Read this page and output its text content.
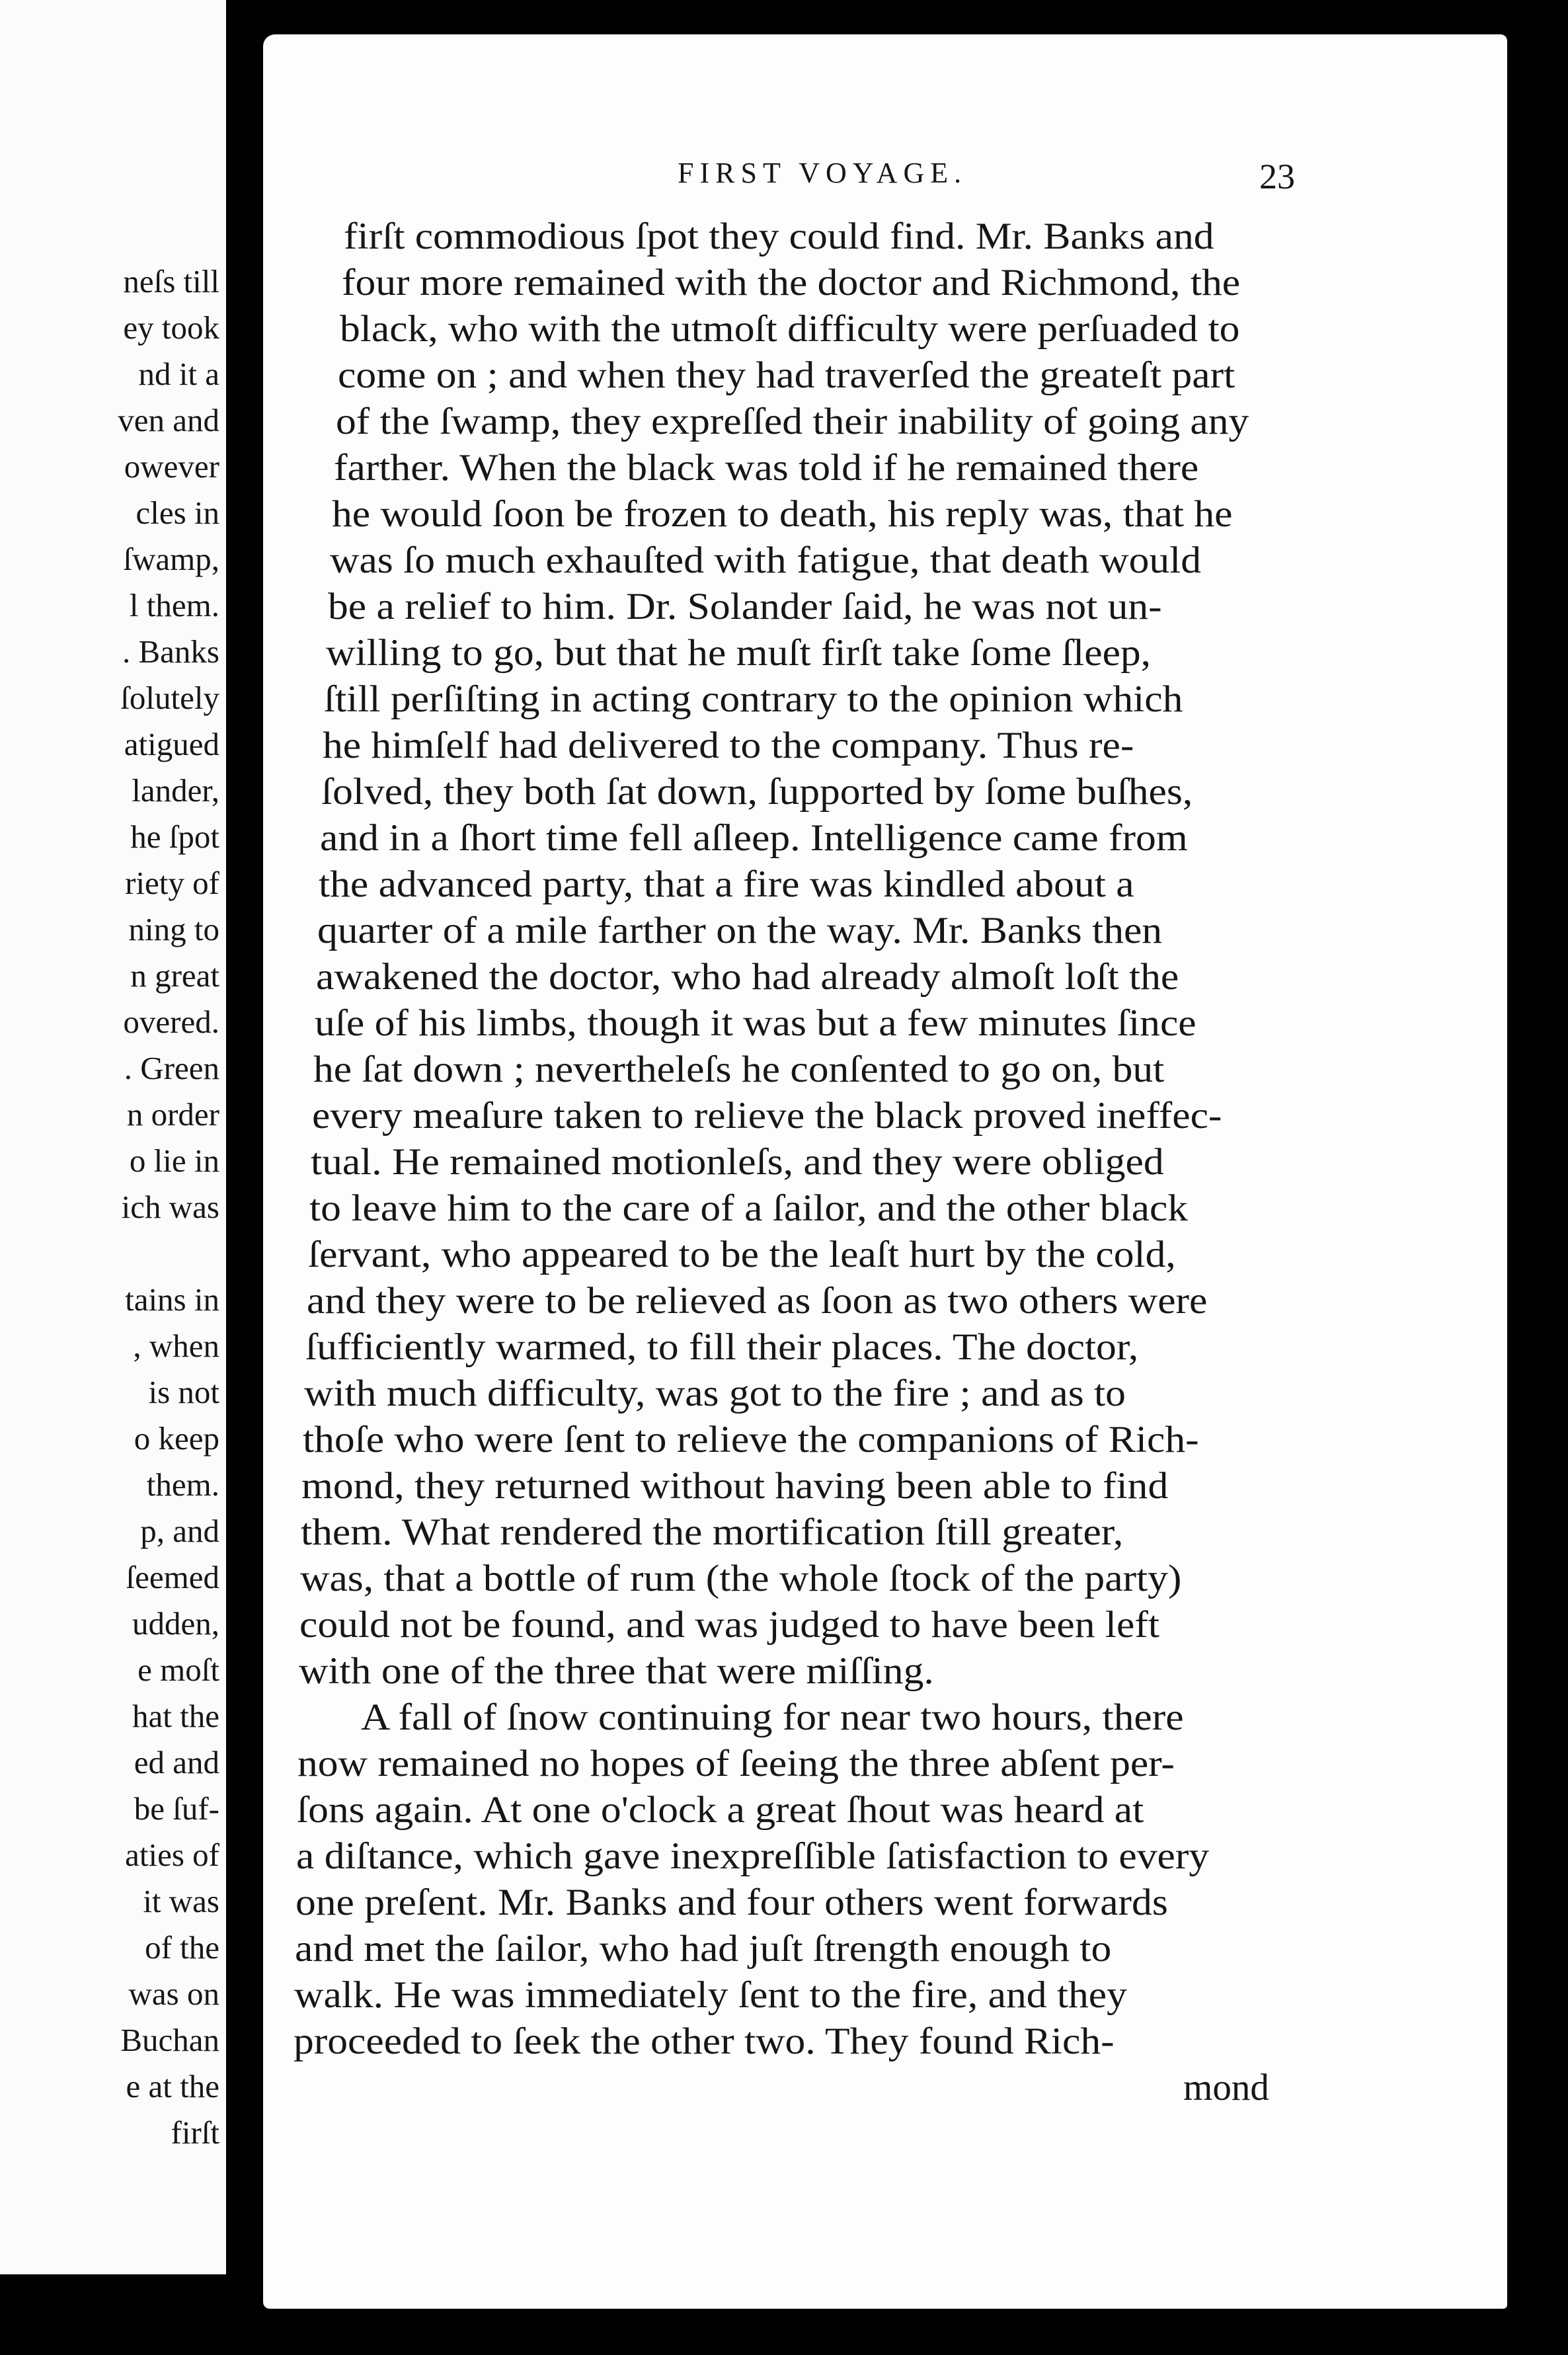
neſs till
ey took
nd it a
ven and
owever
cles in
ſwamp,
l them.
. Banks
ſolutely
atigued
lander,
he ſpot
riety of
ning to
n great
overed.
. Green
n order
o lie in
ich was
tains in
, when
is not
o keep
them.
p, and
ſeemed
udden,
e moſt
hat the
ed and
be ſuf-
aties of
it was
of the
was on
Buchan
e at the
firſt
FIRST VOYAGE.	23
firſt commodious ſpot they could find. Mr. Banks and
four more remained with the doctor and Richmond, the
black, who with the utmoſt difficulty were perſuaded to
come on ; and when they had traverſed the greateſt part
of the ſwamp, they expreſſed their inability of going any
farther. When the black was told if he remained there
he would ſoon be frozen to death, his reply was, that he
was ſo much exhauſted with fatigue, that death would
be a relief to him. Dr. Solander ſaid, he was not un-
willing to go, but that he muſt firſt take ſome ſleep,
ſtill perſiſting in acting contrary to the opinion which
he himſelf had delivered to the company. Thus re-
ſolved, they both ſat down, ſupported by ſome buſhes,
and in a ſhort time fell aſleep. Intelligence came from
the advanced party, that a fire was kindled about a
quarter of a mile farther on the way. Mr. Banks then
awakened the doctor, who had already almoſt loſt the
uſe of his limbs, though it was but a few minutes ſince
he ſat down ; nevertheleſs he conſented to go on, but
every meaſure taken to relieve the black proved ineffec-
tual. He remained motionleſs, and they were obliged
to leave him to the care of a ſailor, and the other black
ſervant, who appeared to be the leaſt hurt by the cold,
and they were to be relieved as ſoon as two others were
ſufficiently warmed, to fill their places. The doctor,
with much difficulty, was got to the fire ; and as to
thoſe who were ſent to relieve the companions of Rich-
mond, they returned without having been able to find
them. What rendered the mortification ſtill greater,
was, that a bottle of rum (the whole ſtock of the party)
could not be found, and was judged to have been left
with one of the three that were miſſing.
A fall of ſnow continuing for near two hours, there
now remained no hopes of ſeeing the three abſent per-
ſons again. At one o'clock a great ſhout was heard at
a diſtance, which gave inexpreſſible ſatisfaction to every
one preſent. Mr. Banks and four others went forwards
and met the ſailor, who had juſt ſtrength enough to
walk. He was immediately ſent to the fire, and they
proceeded to ſeek the other two. They found Rich-
mond
